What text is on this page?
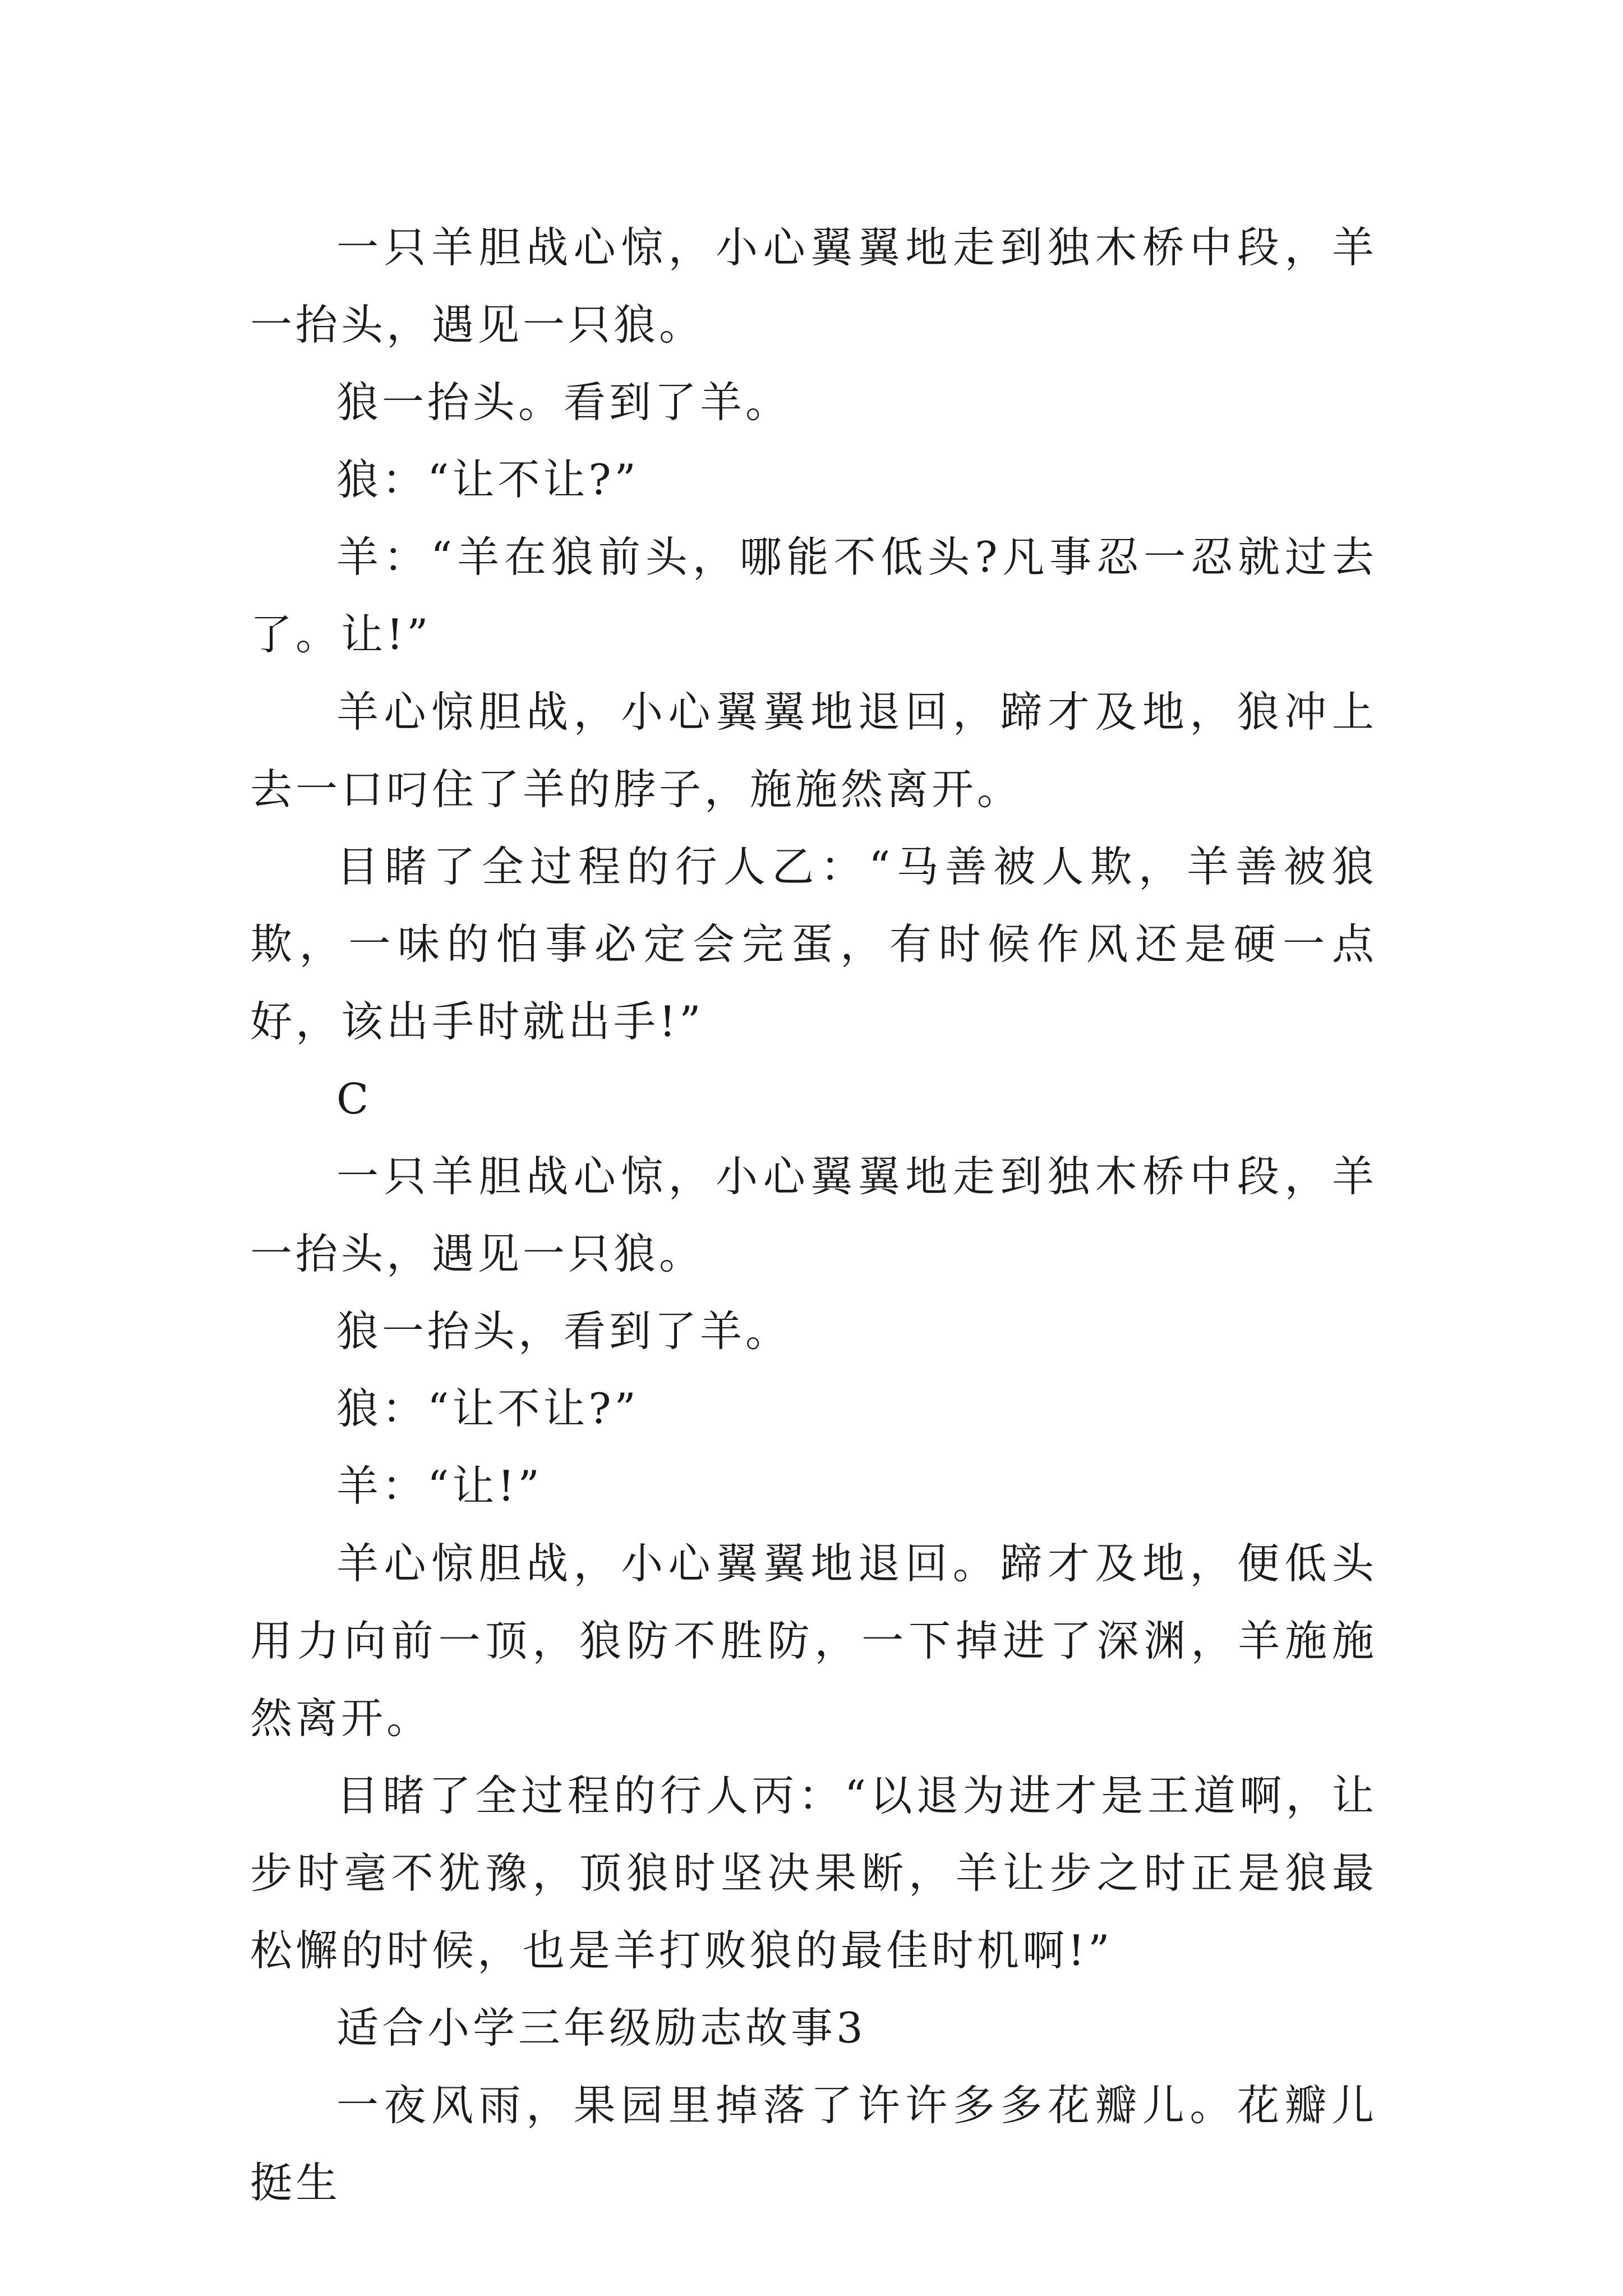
一只羊胆战心惊，小心翼翼地走到独木桥中段，羊一抬头，遇见一只狼。

狼一抬头。看到了羊。

狼：“让不让?”

羊：“羊在狼前头，哪能不低头?凡事忍一忍就过去了。让!”

羊心惊胆战，小心翼翼地退回，蹄才及地，狼冲上去一口叼住了羊的脖子，施施然离开。

目睹了全过程的行人乙：“马善被人欺，羊善被狼欺，一味的怕事必定会完蛋，有时候作风还是硬一点好，该出手时就出手!”

C

一只羊胆战心惊，小心翼翼地走到独木桥中段，羊一抬头，遇见一只狼。

狼一抬头，看到了羊。

狼：“让不让?”

羊：“让!”

羊心惊胆战，小心翼翼地退回。蹄才及地，便低头用力向前一顶，狼防不胜防，一下掉进了深渊，羊施施然离开。

目睹了全过程的行人丙：“以退为进才是王道啊，让步时毫不犹豫，顶狼时坚决果断，羊让步之时正是狼最松懈的时候，也是羊打败狼的最佳时机啊!”

适合小学三年级励志故事3

一夜风雨，果园里掉落了许许多多花瓣儿。花瓣儿挺生
